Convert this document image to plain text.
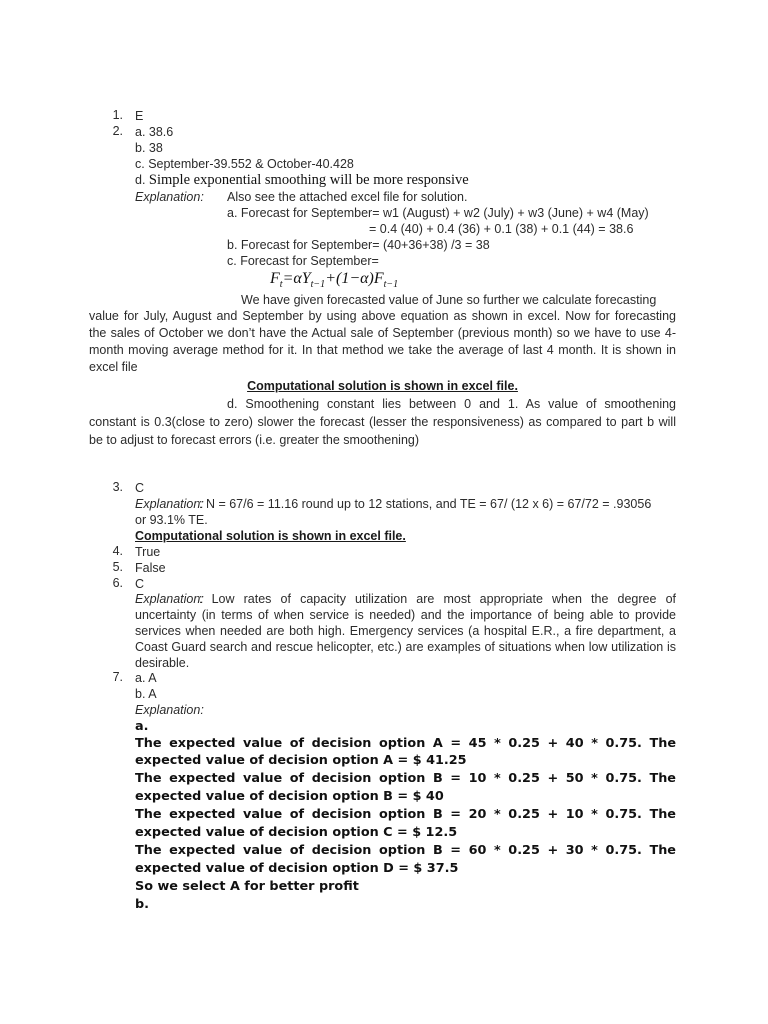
1. E
2. a. 38.6
b. 38
c. September-39.552 & October-40.428
d. Simple exponential smoothing will be more responsive
Explanation: Also see the attached excel file for solution.
a. Forecast for September= w1 (August) + w2 (July) + w3 (June) + w4 (May)
= 0.4 (40) + 0.4 (36) + 0.1 (38) + 0.1 (44) = 38.6
b. Forecast for September= (40+36+38) /3 = 38
c. Forecast for September=
$F_t=\alpha Y_{t-1}+(1-\alpha)F_{t-1}$
We have given forecasted value of June so further we calculate forecasting
value for July, August and September by using above equation as shown in excel. Now for forecasting
the sales of October we don’t have the Actual sale of September (previous month) so we have to use 4-
month moving average method for it. In that method we take the average of last 4 month. It is shown in
excel file
Computational solution is shown in excel file.
d. Smoothening constant lies between 0 and 1. As value of smoothening
constant is 0.3(close to zero) slower the forecast (lesser the responsiveness) as compared to part b will
be to adjust to forecast errors (i.e. greater the smoothening)
3. C
Explanation:
: N = 67/6 = 11.16 round up to 12 stations, and TE = 67/ (12 x 6) = 67/72 = .93056
or 93.1% TE.
Computational solution is shown in excel file.
4. True
5. False
6. C
Explanation:
: Low rates of capacity utilization are most appropriate when the degree of
uncertainty (in terms of when service is needed) and the importance of being able to provide
services when needed are both high. Emergency services (a hospital E.R., a fire department, a
Coast Guard search and rescue helicopter, etc.) are examples of situations when low utilization is
desirable.
7. a. A
b. A
Explanation:
a.
The expected value of decision option A = 45 * 0.25 + 40 * 0.75. The
expected value of decision option A = $ 41.25
The expected value of decision option B = 10 * 0.25 + 50 * 0.75. The
expected value of decision option B = $ 40
The expected value of decision option B = 20 * 0.25 + 10 * 0.75. The
expected value of decision option C = $ 12.5
The expected value of decision option B = 60 * 0.25 + 30 * 0.75. The
expected value of decision option D = $ 37.5
So we select A for better profit
b.
